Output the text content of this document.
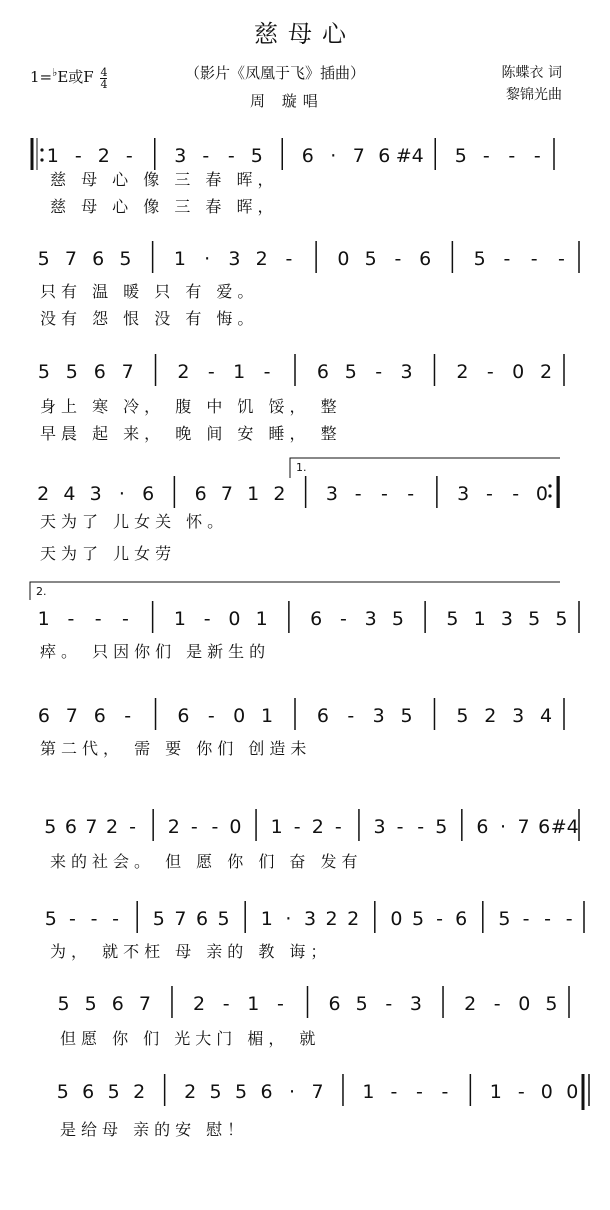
慈母心
1=♭E或F $\frac{4}{4}$	（影片《凤凰于飞》插曲）
周 璇唱
陈蝶衣 词
黎锦光曲
1 - 2 - 3 - - 5 6 · 7 6 #4 5 - - -
5 7 6 5 1 · 3 2 - 0 5 - 6 5 - - -
5 5 6 7 2 - 1 - 6 5 - 3 2 - 0 2
2 4 3 · 6 6 7 1 2 3 - - - 3 - - 0
1 - - - 1 - 0 1 6 - 3 5 5 1 3 5 5
6 7 6 - 6 - 0 1 6 - 3 5 5 2 3 4
5 6 7 2 - 2 - - 0 1 - 2 - 3 - - 5 6 · 7 6 #4
5 - - - 5 7 6 5 1 · 3 2 2 0 5 - 6 5 - - -
5 5 6 7 2 - 1 - 6 5 - 3 2 - 0 5
5 6 5 2 2 5 5 6 · 7 1 - - - 1 - 0 0
1.
2.
慈 母 心 像 三 春 晖，
慈 母 心 像 三 春 晖，
只有 温 暖 只 有 爱。
没有 怨 恨 没 有 悔。
身上 寒 冷， 腹 中 饥 馁， 整
早晨 起 来， 晚 间 安 睡， 整
天为了 儿女关 怀。
天为了 儿女劳
瘁。 只因你们 是新生的
第二代， 需 要 你们 创造未
来的社会。 但 愿 你 们 奋 发有
为， 就不枉 母 亲的 教 诲；
但愿 你 们 光大门 楣， 就
是给母 亲的安 慰！
